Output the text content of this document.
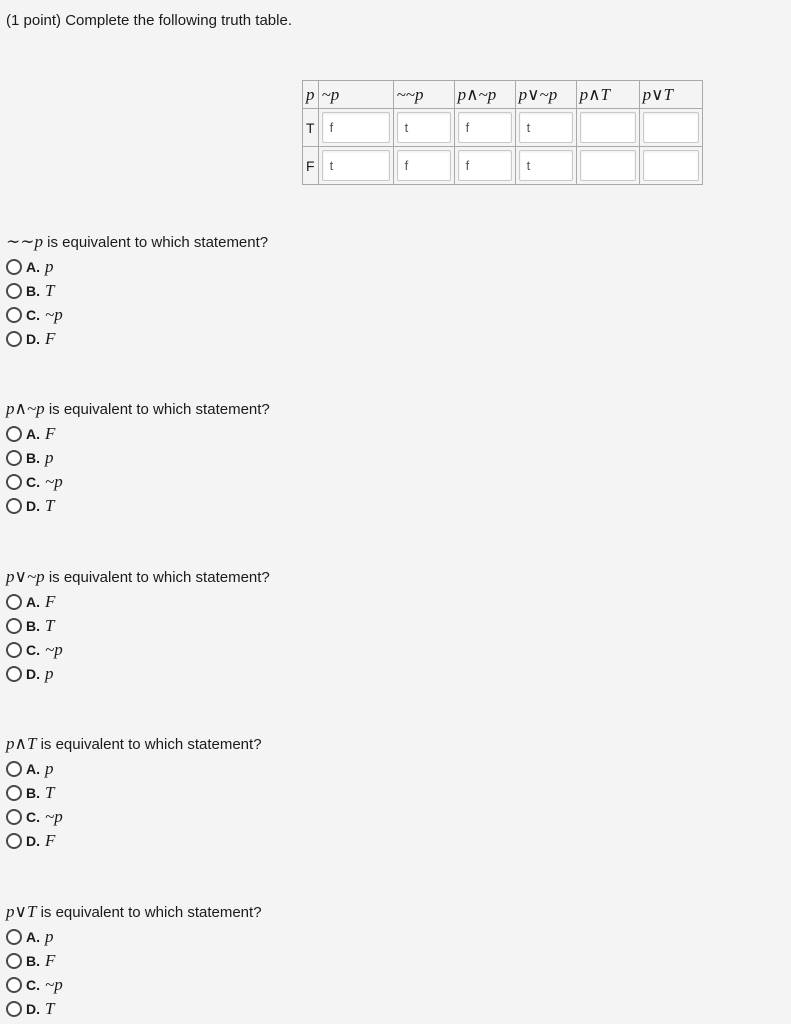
(1 point) Complete the following truth table.
p	~p	~~p	p∧~p	p∨~p	p∧T	p∨T
T	f	t	f	t		

F	t	f	f	t		

∼∼p is equivalent to which statement?
A. p
B. T
C. ~p
D. F
p∧~p is equivalent to which statement?
A. F
B. p
C. ~p
D. T
p∨~p is equivalent to which statement?
A. F
B. T
C. ~p
D. p
p∧T is equivalent to which statement?
A. p
B. T
C. ~p
D. F
p∨T is equivalent to which statement?
A. p
B. F
C. ~p
D. T
